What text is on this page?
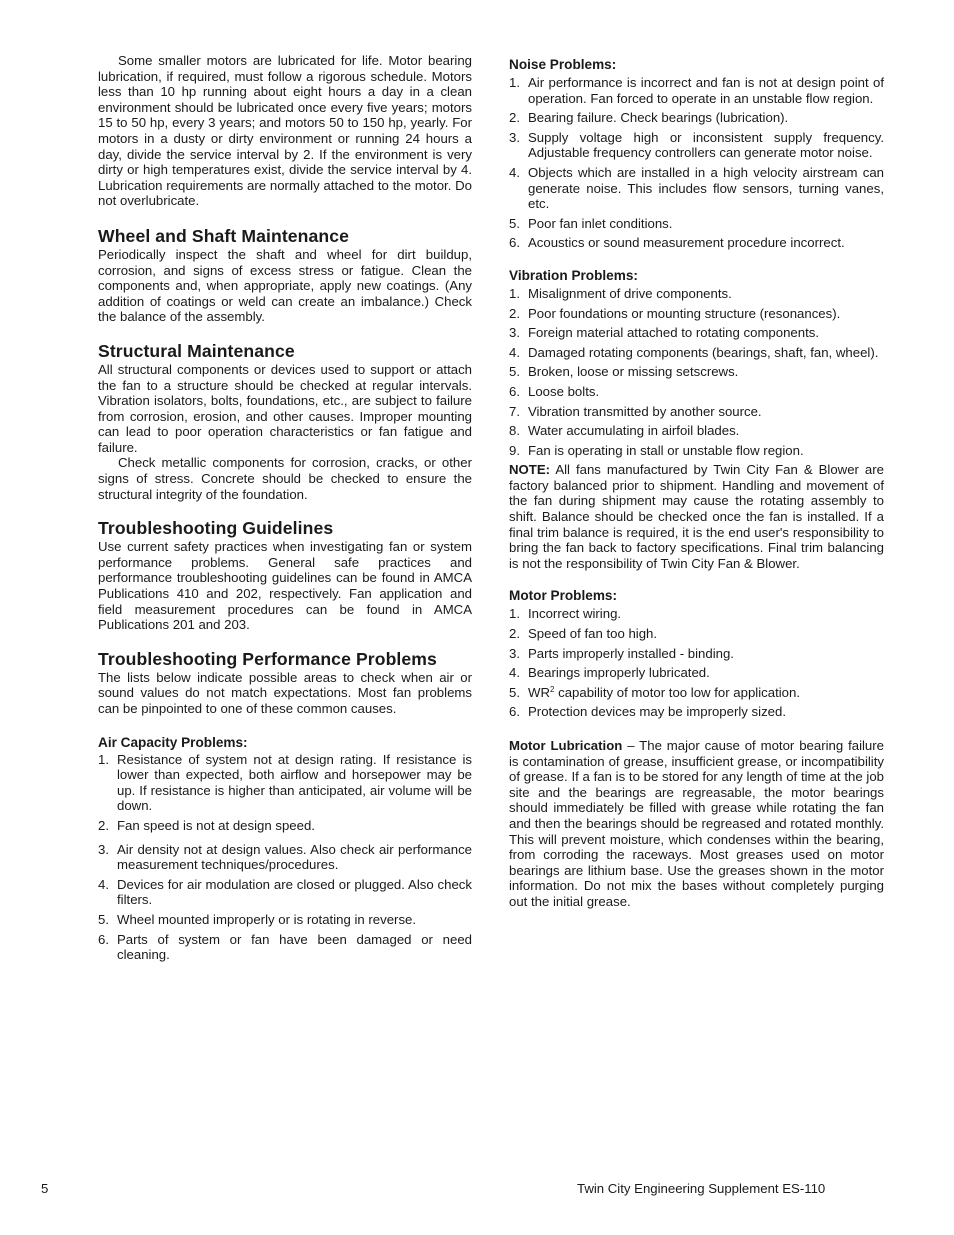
Some smaller motors are lubricated for life. Motor bearing lubrication, if required, must follow a rigorous schedule. Motors less than 10 hp running about eight hours a day in a clean environment should be lubricated once every five years; motors 15 to 50 hp, every 3 years; and motors 50 to 150 hp, yearly. For motors in a dusty or dirty environment or running 24 hours a day, divide the service interval by 2. If the environment is very dirty or high temperatures exist, divide the service interval by 4. Lubrication requirements are normally attached to the motor. Do not overlubricate.

Wheel and Shaft Maintenance

Periodically inspect the shaft and wheel for dirt buildup, corrosion, and signs of excess stress or fatigue. Clean the components and, when appropriate, apply new coatings. (Any addition of coatings or weld can create an imbalance.) Check the balance of the assembly.

Structural Maintenance

All structural components or devices used to support or attach the fan to a structure should be checked at regular intervals. Vibration isolators, bolts, foundations, etc., are subject to failure from corrosion, erosion, and other causes. Improper mounting can lead to poor operation characteristics or fan fatigue and failure.

Check metallic components for corrosion, cracks, or other signs of stress. Concrete should be checked to ensure the structural integrity of the foundation.

Troubleshooting Guidelines

Use current safety practices when investigating fan or system performance problems. General safe practices and performance troubleshooting guidelines can be found in AMCA Publications 410 and 202, respectively. Fan application and field measurement procedures can be found in AMCA Publications 201 and 203.

Troubleshooting Performance Problems

The lists below indicate possible areas to check when air or sound values do not match expectations. Most fan problems can be pinpointed to one of these common causes.

Air Capacity Problems:
1. Resistance of system not at design rating. If resistance is lower than expected, both airflow and horsepower may be up. If resistance is higher than anticipated, air volume will be down.
2. Fan speed is not at design speed.
3. Air density not at design values. Also check air performance measurement techniques/procedures.
4. Devices for air modulation are closed or plugged. Also check filters.
5. Wheel mounted improperly or is rotating in reverse.
6. Parts of system or fan have been damaged or need cleaning.
Noise Problems:
1. Air performance is incorrect and fan is not at design point of operation. Fan forced to operate in an unstable flow region.
2. Bearing failure. Check bearings (lubrication).
3. Supply voltage high or inconsistent supply frequency. Adjustable frequency controllers can generate motor noise.
4. Objects which are installed in a high velocity airstream can generate noise. This includes flow sensors, turning vanes, etc.
5. Poor fan inlet conditions.
6. Acoustics or sound measurement procedure incorrect.
Vibration Problems:
1. Misalignment of drive components.
2. Poor foundations or mounting structure (resonances).
3. Foreign material attached to rotating components.
4. Damaged rotating components (bearings, shaft, fan, wheel).
5. Broken, loose or missing setscrews.
6. Loose bolts.
7. Vibration transmitted by another source.
8. Water accumulating in airfoil blades.
9. Fan is operating in stall or unstable flow region.

NOTE: All fans manufactured by Twin City Fan & Blower are factory balanced prior to shipment. Handling and movement of the fan during shipment may cause the rotating assembly to shift. Balance should be checked once the fan is installed. If a final trim balance is required, it is the end user's responsibility to bring the fan back to factory specifications. Final trim balancing is not the responsibility of Twin City Fan & Blower.

Motor Problems:
1. Incorrect wiring.
2. Speed of fan too high.
3. Parts improperly installed - binding.
4. Bearings improperly lubricated.
5. $WR^2$ capability of motor too low for application.
6. Protection devices may be improperly sized.

Motor Lubrication – The major cause of motor bearing failure is contamination of grease, insufficient grease, or incompatibility of grease. If a fan is to be stored for any length of time at the job site and the bearings are regreasable, the motor bearings should immediately be filled with grease while rotating the fan and then the bearings should be regreased and rotated monthly. This will prevent moisture, which condenses within the bearing, from corroding the raceways. Most greases used on motor bearings are lithium base. Use the greases shown in the motor information. Do not mix the bases without completely purging out the initial grease.

5	Twin City Engineering Supplement ES-110
